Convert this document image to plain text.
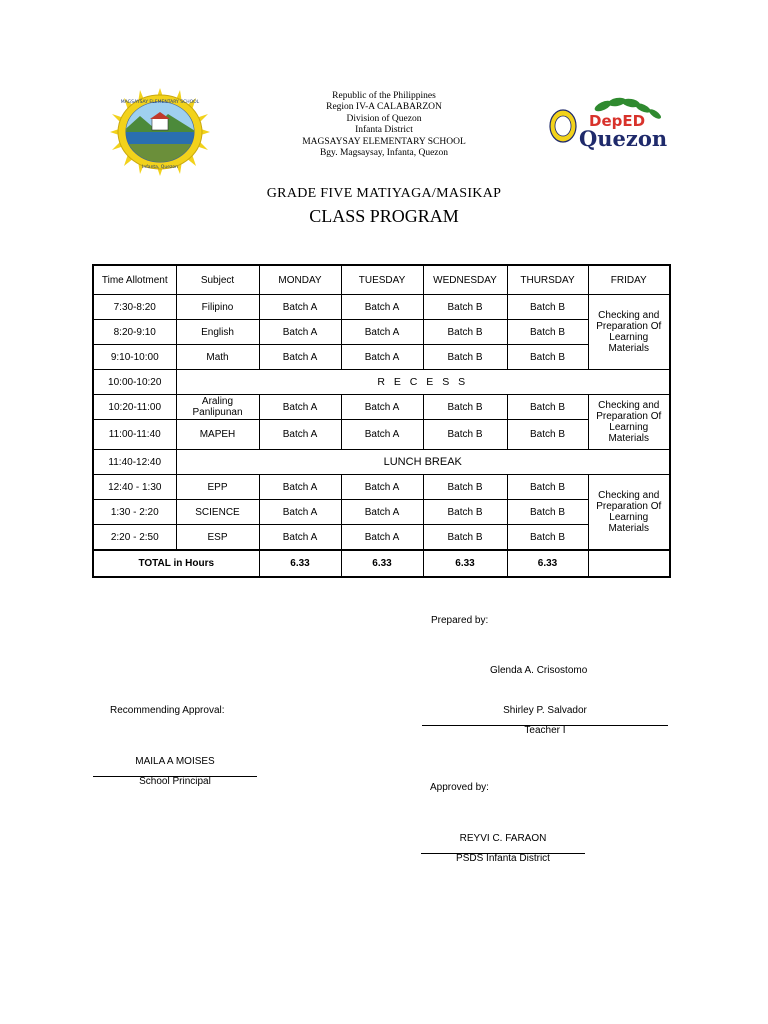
MAGSAYSAY ELEMENTARY SCHOOL
Infanta, Quezon
Republic of the Philippines
Region IV-A CALABARZON
Division of Quezon
Infanta District
MAGSAYSAY ELEMENTARY SCHOOL
Bgy. Magsaysay, Infanta, Quezon
DepED
Quezon
GRADE FIVE MATIYAGA/MASIKAP
CLASS PROGRAM
Time Allotment	Subject	MONDAY	TUESDAY	WEDNESDAY	THURSDAY	FRIDAY
7:30-8:20	Filipino	Batch A	Batch A	Batch B	Batch B	Checking and Preparation Of Learning Materials
8:20-9:10	English	Batch A	Batch A	Batch B	Batch B	
9:10-10:00	Math	Batch A	Batch A	Batch B	Batch B	
10:00-10:20	R E C E S S					
10:20-11:00	Araling Panlipunan	Batch A	Batch A	Batch B	Batch B	Checking and Preparation Of Learning Materials
11:00-11:40	MAPEH	Batch A	Batch A	Batch B	Batch B	
11:40-12:40	LUNCH BREAK					
12:40 - 1:30	EPP	Batch A	Batch A	Batch B	Batch B	Checking and Preparation Of Learning Materials
1:30 - 2:20	SCIENCE	Batch A	Batch A	Batch B	Batch B	
2:20 - 2:50	ESP	Batch A	Batch A	Batch B	Batch B	
TOTAL in Hours		6.33	6.33	6.33	6.33	
Prepared by:
Glenda A. Crisostomo
Recommending Approval:	Shirley P. Salvador
Teacher I
MAILA A MOISES
School Principal
Approved by:
REYVI C. FARAON
PSDS Infanta District
